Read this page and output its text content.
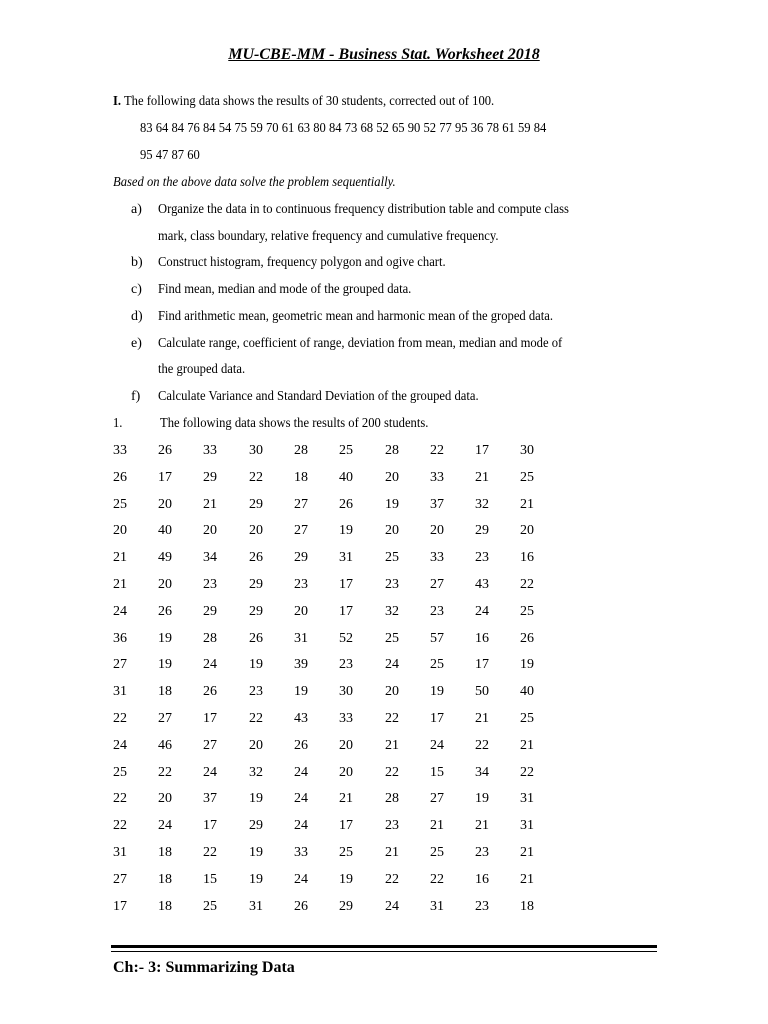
MU-CBE-MM - Business Stat. Worksheet 2018
I. The following data shows the results of 30 students, corrected out of 100.
83 64 84 76 84 54 75 59 70 61 63 80 84 73 68 52 65 90 52 77 95 36 78 61 59 84
95 47 87 60
Based on the above data solve the problem sequentially.
a) Organize the data in to continuous frequency distribution table and compute class
mark, class boundary, relative frequency and cumulative frequency.
b) Construct histogram, frequency polygon and ogive chart.
c) Find mean, median and mode of the grouped data.
d) Find arithmetic mean, geometric mean and harmonic mean of the groped data.
e) Calculate range, coefficient of range, deviation from mean, median and mode of
the grouped data.
f) Calculate Variance and Standard Deviation of the grouped data.
1.	The following data shows the results of 200 students.
33 26 33 30 28 25 28 22 17 30
26 17 29 22 18 40 20 33 21 25
25 20 21 29 27 26 19 37 32 21
20 40 20 20 27 19 20 20 29 20
21 49 34 26 29 31 25 33 23 16
21 20 23 29 23 17 23 27 43 22
24 26 29 29 20 17 32 23 24 25
36 19 28 26 31 52 25 57 16 26
27 19 24 19 39 23 24 25 17 19
31 18 26 23 19 30 20 19 50 40
22 27 17 22 43 33 22 17 21 25
24 46 27 20 26 20 21 24 22 21
25 22 24 32 24 20 22 15 34 22
22 20 37 19 24 21 28 27 19 31
22 24 17 29 24 17 23 21 21 31
31 18 22 19 33 25 21 25 23 21
27 18 15 19 24 19 22 22 16 21
17 18 25 31 26 29 24 31 23 18
Ch:- 3: Summarizing Data
